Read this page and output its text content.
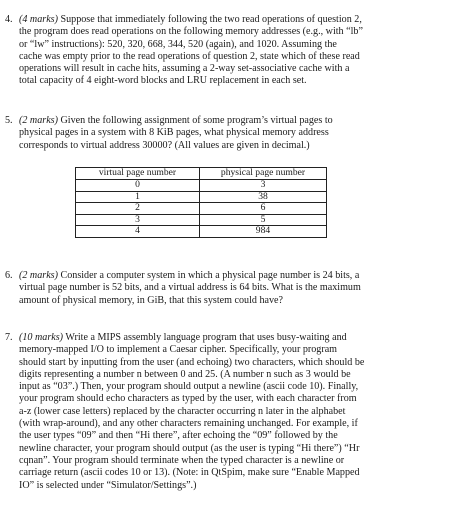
4. (4 marks) Suppose that immediately following the two read operations of question 2,
the program does read operations on the following memory addresses (e.g., with “lb”
or “lw” instructions): 520, 320, 668, 344, 520 (again), and 1020. Assuming the
cache was empty prior to the read operations of question 2, state which of these read
operations will result in cache hits, assuming a 2-way set-associative cache with a
total capacity of 4 eight-word blocks and LRU replacement in each set.
5. (2 marks) Given the following assignment of some program’s virtual pages to
physical pages in a system with 8 KiB pages, what physical memory address
corresponds to virtual address 30000? (All values are given in decimal.)
virtual page number	physical page number
0	3
1	38
2	6
3	5
4	984
6. (2 marks) Consider a computer system in which a physical page number is 24 bits, a
virtual page number is 52 bits, and a virtual address is 64 bits. What is the maximum
amount of physical memory, in GiB, that this system could have?
7. (10 marks) Write a MIPS assembly language program that uses busy-waiting and
memory-mapped I/O to implement a Caesar cipher. Specifically, your program
should start by inputting from the user (and echoing) two characters, which should be
digits representing a number n between 0 and 25. (A number n such as 3 would be
input as “03”.) Then, your program should output a newline (ascii code 10). Finally,
your program should echo characters as typed by the user, with each character from
a-z (lower case letters) replaced by the character occurring n later in the alphabet
(with wrap-around), and any other characters remaining unchanged. For example, if
the user types “09” and then “Hi there”, after echoing the “09” followed by the
newline character, your program should output (as the user is typing “Hi there”) “Hr
cqnan”. Your program should terminate when the typed character is a newline or
carriage return (ascii codes 10 or 13). (Note: in QtSpim, make sure “Enable Mapped
IO” is selected under “Simulator/Settings”.)
